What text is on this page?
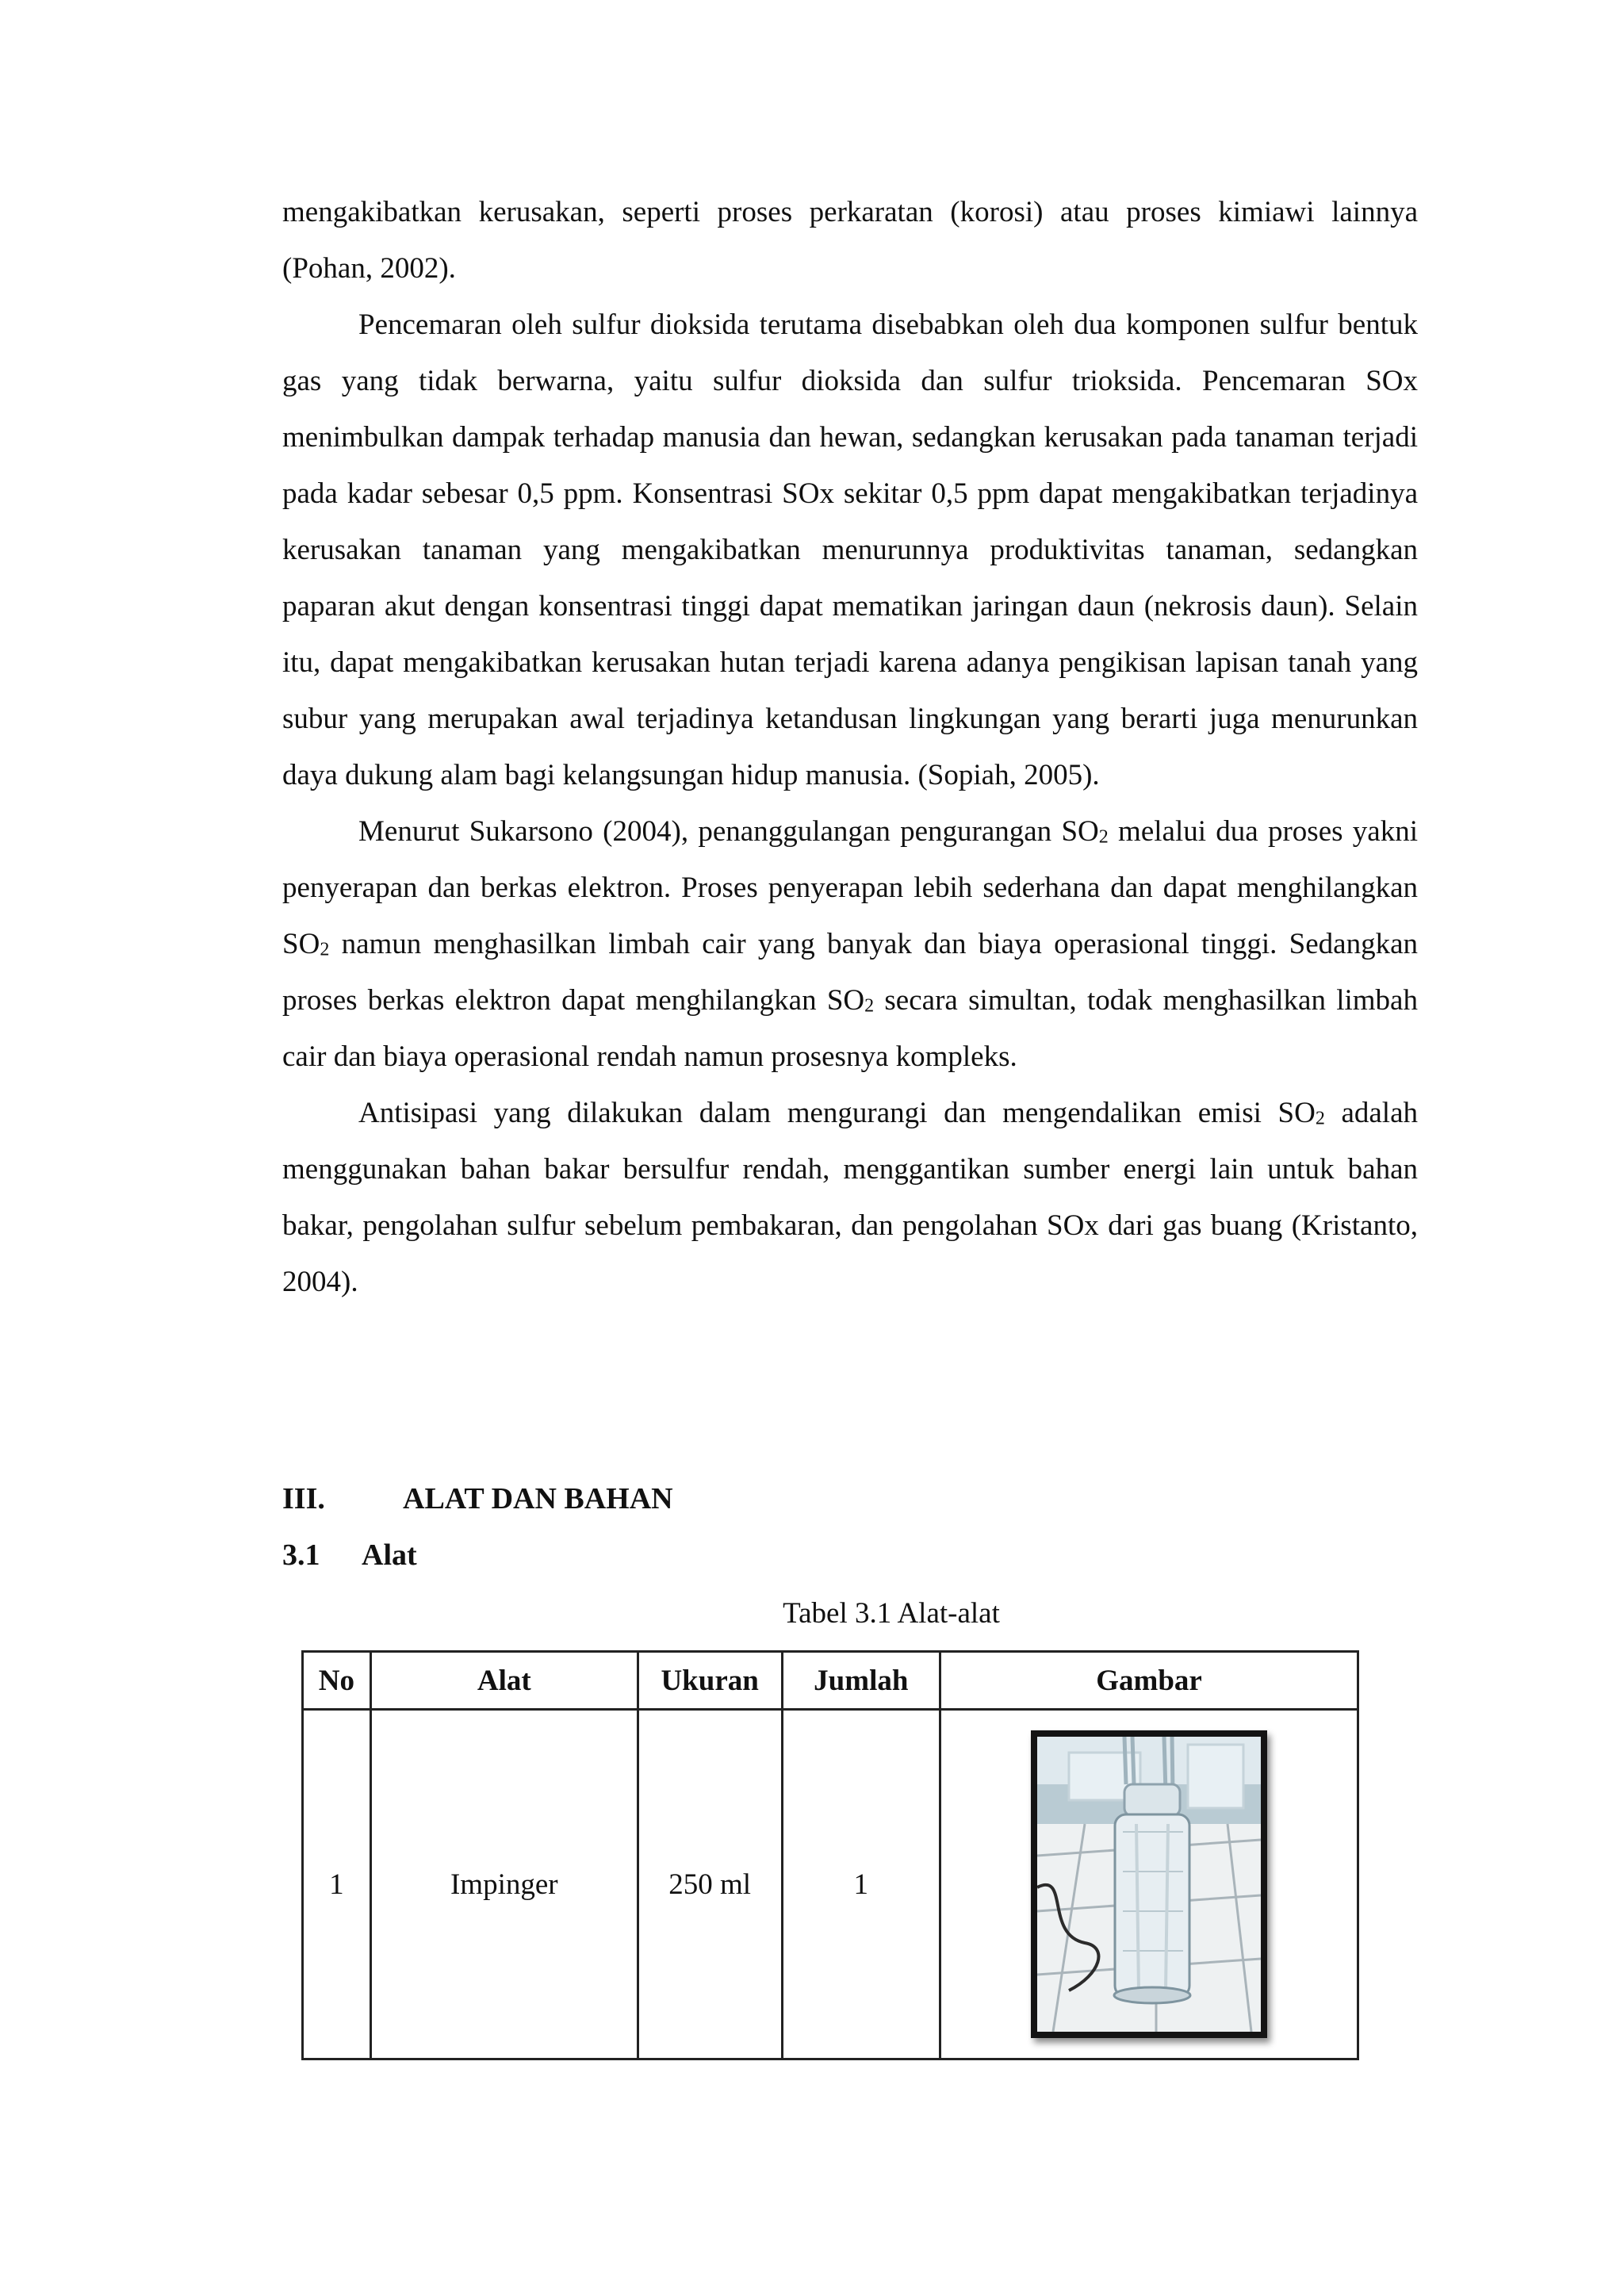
mengakibatkan kerusakan, seperti proses perkaratan (korosi) atau proses kimiawi lainnya (Pohan, 2002).

Pencemaran oleh sulfur dioksida terutama disebabkan oleh dua komponen sulfur bentuk gas yang tidak berwarna, yaitu sulfur dioksida dan sulfur trioksida. Pencemaran SOx menimbulkan dampak terhadap manusia dan hewan, sedangkan kerusakan pada tanaman terjadi pada kadar sebesar 0,5 ppm. Konsentrasi SOx sekitar 0,5 ppm dapat mengakibatkan terjadinya kerusakan tanaman yang mengakibatkan menurunnya produktivitas tanaman, sedangkan paparan akut dengan konsentrasi tinggi dapat mematikan jaringan daun (nekrosis daun). Selain itu, dapat mengakibatkan kerusakan hutan terjadi karena adanya pengikisan lapisan tanah yang subur yang merupakan awal terjadinya ketandusan lingkungan yang berarti juga menurunkan daya dukung alam bagi kelangsungan hidup manusia. (Sopiah, 2005).

Menurut Sukarsono (2004), penanggulangan pengurangan $SO_2$ melalui dua proses yakni penyerapan dan berkas elektron. Proses penyerapan lebih sederhana dan dapat menghilangkan $SO_2$ namun menghasilkan limbah cair yang banyak dan biaya operasional tinggi. Sedangkan proses berkas elektron dapat menghilangkan $SO_2$ secara simultan, todak menghasilkan limbah cair dan biaya operasional rendah namun prosesnya kompleks.

Antisipasi yang dilakukan dalam mengurangi dan mengendalikan emisi $SO_2$ adalah menggunakan bahan bakar bersulfur rendah, menggantikan sumber energi lain untuk bahan bakar, pengolahan sulfur sebelum pembakaran, dan pengolahan SOx dari gas buang (Kristanto, 2004).

III.	ALAT DAN BAHAN
3.1 Alat
Tabel 3.1 Alat-alat
No	Alat	Ukuran	Jumlah	Gambar
1	Impinger	250 ml	1	
